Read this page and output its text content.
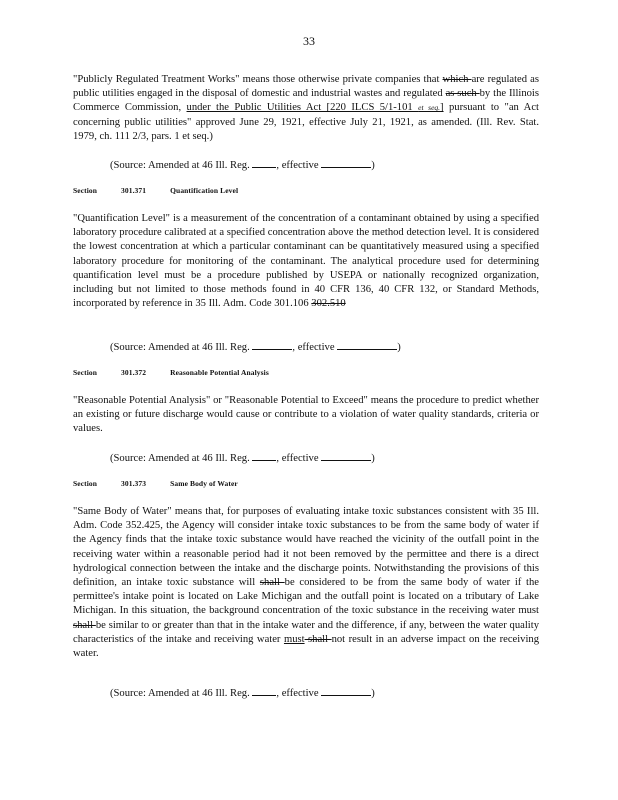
33
"Publicly Regulated Treatment Works" means those otherwise private companies that which are regulated as public utilities engaged in the disposal of domestic and industrial wastes and regulated as such by the Illinois Commerce Commission, under the Public Utilities Act [220 ILCS 5/1-101 et seq.] pursuant to "an Act concerning public utilities" approved June 29, 1921, effective July 21, 1921, as amended. (Ill. Rev. Stat. 1979, ch. 111 2/3, pars. 1 et seq.)
(Source: Amended at 46 Ill. Reg.	, effective	)
Section	301.371	Quantification Level
"Quantification Level" is a measurement of the concentration of a contaminant obtained by using a specified laboratory procedure calibrated at a specified concentration above the method detection level. It is considered the lowest concentration at which a particular contaminant can be quantitatively measured using a specified laboratory procedure for monitoring of the contaminant. The analytical procedure used for determining quantification level must be a procedure published by USEPA or nationally recognized organization, including but not limited to those methods found in 40 CFR 136, 40 CFR 132, or Standard Methods, incorporated by reference in 35 Ill. Adm. Code 301.106 302.510
(Source: Amended at 46 Ill. Reg.	, effective	)
Section	301.372	Reasonable Potential Analysis
"Reasonable Potential Analysis" or "Reasonable Potential to Exceed" means the procedure to predict whether an existing or future discharge would cause or contribute to a violation of water quality standards, criteria or values.
(Source: Amended at 46 Ill. Reg.	, effective	)
Section	301.373	Same Body of Water
"Same Body of Water" means that, for purposes of evaluating intake toxic substances consistent with 35 Ill. Adm. Code 352.425, the Agency will consider intake toxic substances to be from the same body of water if the Agency finds that the intake toxic substance would have reached the vicinity of the outfall point in the receiving water within a reasonable period had it not been removed by the permittee and there is a direct hydrological connection between the intake and the discharge points. Notwithstanding the provisions of this definition, an intake toxic substance will shall be considered to be from the same body of water if the permittee's intake point is located on Lake Michigan and the outfall point is located on a tributary of Lake Michigan. In this situation, the background concentration of the toxic substance in the receiving water must shall be similar to or greater than that in the intake water and the difference, if any, between the water quality characteristics of the intake and receiving water must shall not result in an adverse impact on the receiving water.
(Source: Amended at 46 Ill. Reg.	, effective	)
